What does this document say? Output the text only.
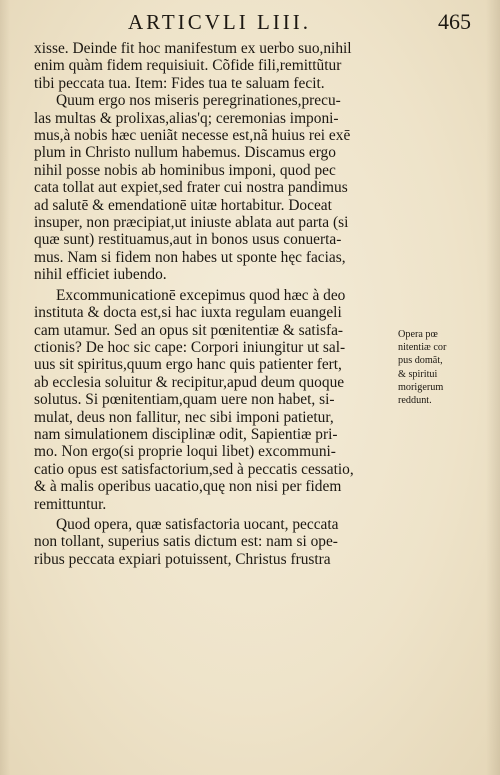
ARTICVLI LIII.	465
xisse. Deinde fit hoc manifestum ex uerbo suo,nihil
enim quàm fidem requisiuit. Cõfide fili,remittũtur
tibi peccata tua. Item: Fides tua te saluam fecit.
Quum ergo nos miseris peregrinationes,precu-
las multas & prolixas,alias'q; ceremonias imponi-
mus,à nobis hæc ueniãt necesse est,nã huius rei exē
plum in Christo nullum habemus. Discamus ergo
nihil posse nobis ab hominibus imponi, quod pec
cata tollat aut expiet,sed frater cui nostra pandimus
ad salutē & emendationē uitæ hortabitur. Doceat
insuper, non præcipiat,ut iniuste ablata aut parta (si
quæ sunt) restituamus,aut in bonos usus conuerta-
mus. Nam si fidem non habes ut sponte hęc facias,
nihil efficiet iubendo.
Excommunicationē excepimus quod hæc à deo
instituta & docta est,si hac iuxta regulam euangeli
cam utamur. Sed an opus sit pœnitentiæ & satisfa-
ctionis? De hoc sic cape: Corpori iniungitur ut sal-
uus sit spiritus,quum ergo hanc quis patienter fert,
ab ecclesia soluitur & recipitur,apud deum quoque
solutus. Si pœnitentiam,quam uere non habet, si-
mulat, deus non fallitur, nec sibi imponi patietur,
nam simulationem disciplinæ odit, Sapientiæ pri-
mo. Non ergo(si proprie loqui libet) excommuni-
catio opus est satisfactorium,sed à peccatis cessatio,
& à malis operibus uacatio,quę non nisi per fidem
remittuntur.
Quod opera, quæ satisfactoria uocant, peccata
non tollant, superius satis dictum est: nam si ope-
ribus peccata expiari potuissent, Christus frustra
Opera pœ
nitentiæ cor
pus domãt,
& spiritui
morigerum
reddunt.
